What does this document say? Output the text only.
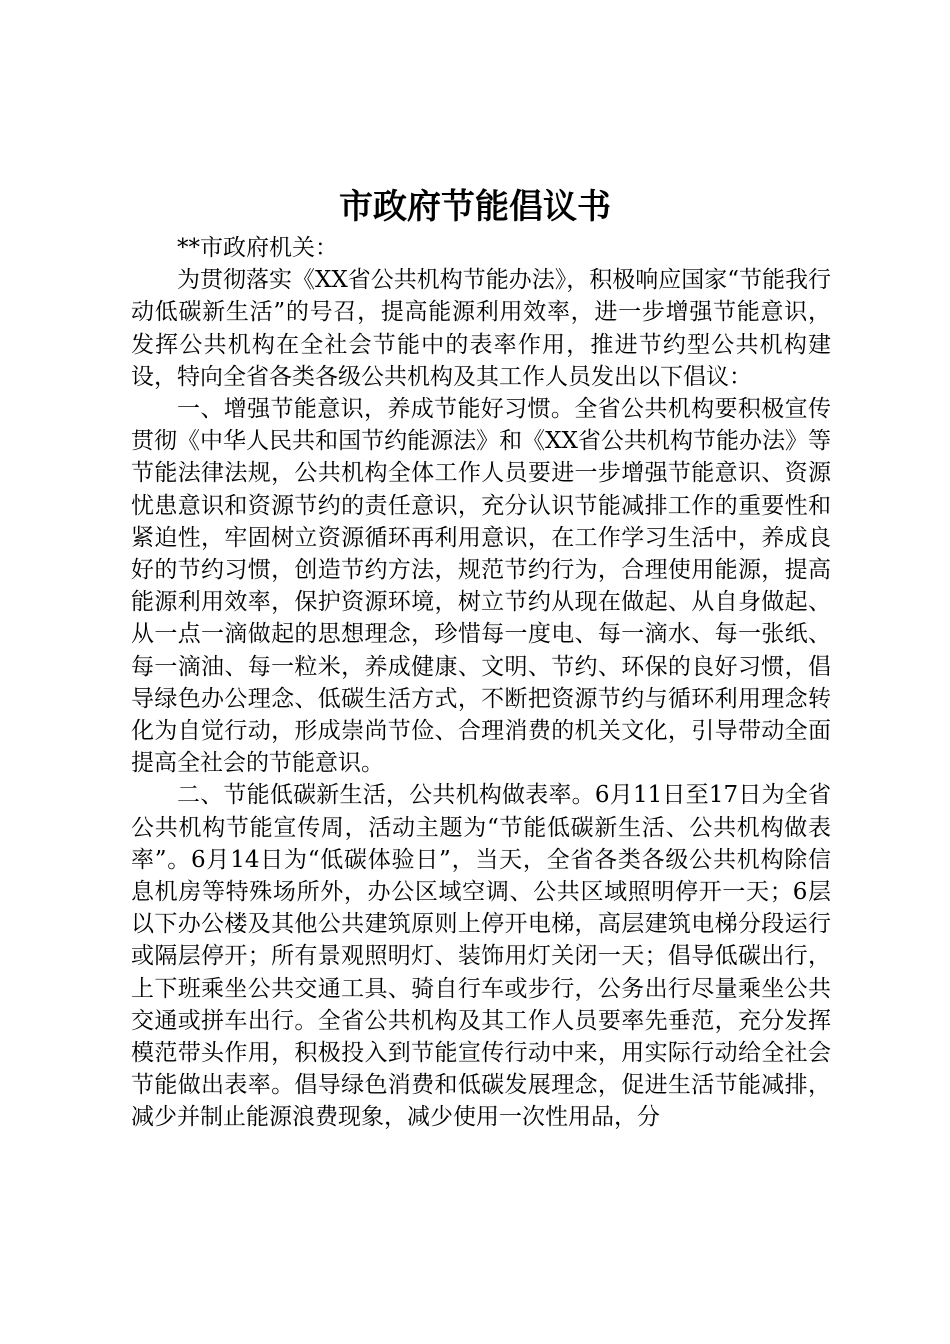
市政府节能倡议书

**市政府机关：

为贯彻落实《XX省公共机构节能办法》，积极响应国家“节能我行动低碳新生活”的号召，提高能源利用效率，进一步增强节能意识，发挥公共机构在全社会节能中的表率作用，推进节约型公共机构建设，特向全省各类各级公共机构及其工作人员发出以下倡议：

一、增强节能意识，养成节能好习惯。全省公共机构要积极宣传贯彻《中华人民共和国节约能源法》和《XX省公共机构节能办法》等节能法律法规，公共机构全体工作人员要进一步增强节能意识、资源忧患意识和资源节约的责任意识，充分认识节能减排工作的重要性和紧迫性，牢固树立资源循环再利用意识，在工作学习生活中，养成良好的节约习惯，创造节约方法，规范节约行为，合理使用能源，提高能源利用效率，保护资源环境，树立节约从现在做起、从自身做起、从一点一滴做起的思想理念，珍惜每一度电、每一滴水、每一张纸、每一滴油、每一粒米，养成健康、文明、节约、环保的良好习惯，倡导绿色办公理念、低碳生活方式，不断把资源节约与循环利用理念转化为自觉行动，形成崇尚节俭、合理消费的机关文化，引导带动全面提高全社会的节能意识。

二、节能低碳新生活，公共机构做表率。6月11日至17日为全省公共机构节能宣传周，活动主题为“节能低碳新生活、公共机构做表率”。6月14日为“低碳体验日”，当天，全省各类各级公共机构除信息机房等特殊场所外，办公区域空调、公共区域照明停开一天；6层以下办公楼及其他公共建筑原则上停开电梯，高层建筑电梯分段运行或隔层停开；所有景观照明灯、装饰用灯关闭一天；倡导低碳出行，上下班乘坐公共交通工具、骑自行车或步行，公务出行尽量乘坐公共交通或拼车出行。全省公共机构及其工作人员要率先垂范，充分发挥模范带头作用，积极投入到节能宣传行动中来，用实际行动给全社会节能做出表率。倡导绿色消费和低碳发展理念，促进生活节能减排，减少并制止能源浪费现象，减少使用一次性用品，分
